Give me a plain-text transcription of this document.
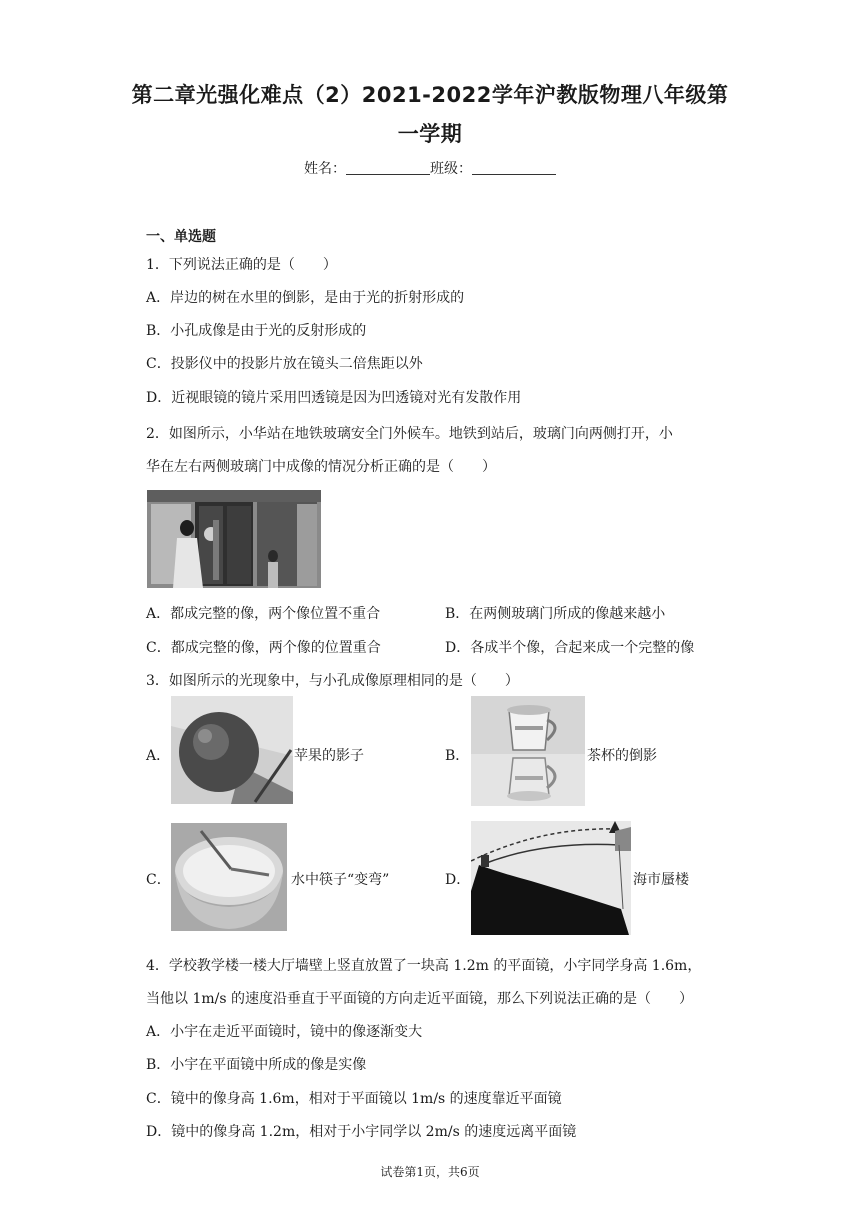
第二章光强化难点（2）2021-2022学年沪教版物理八年级第
一学期
姓名：	班级：
一、单选题
1．下列说法正确的是（　　）
A．岸边的树在水里的倒影，是由于光的折射形成的
B．小孔成像是由于光的反射形成的
C．投影仪中的投影片放在镜头二倍焦距以外
D．近视眼镜的镜片采用凹透镜是因为凹透镜对光有发散作用
2．如图所示，小华站在地铁玻璃安全门外候车。地铁到站后，玻璃门向两侧打开，小
华在左右两侧玻璃门中成像的情况分析正确的是（　　）
A．都成完整的像，两个像位置不重合	B．在两侧玻璃门所成的像越来越小
C．都成完整的像，两个像的位置重合	D．各成半个像，合起来成一个完整的像
3．如图所示的光现象中，与小孔成像原理相同的是（　　）
A．	苹果的影子	B．	茶杯的倒影
C．	水中筷子“变弯”	D．	海市蜃楼
4．学校教学楼一楼大厅墙壁上竖直放置了一块高 1.2m 的平面镜，小宇同学身高 1.6m，
当他以 1m/s 的速度沿垂直于平面镜的方向走近平面镜，那么下列说法正确的是（　　）
A．小宇在走近平面镜时，镜中的像逐渐变大
B．小宇在平面镜中所成的像是实像
C．镜中的像身高 1.6m，相对于平面镜以 1m/s 的速度靠近平面镜
D．镜中的像身高 1.2m，相对于小宇同学以 2m/s 的速度远离平面镜
试卷第1页，共6页
